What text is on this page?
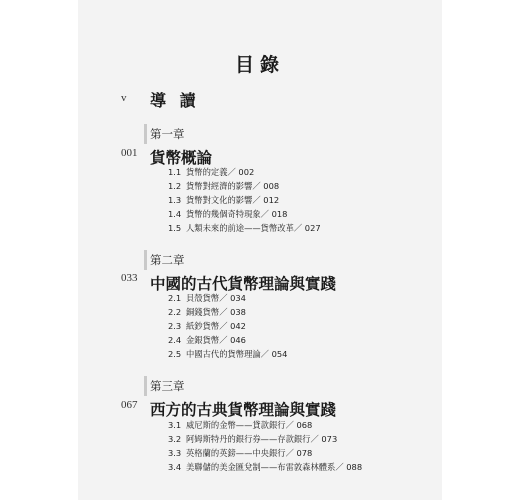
目錄
v 導 讀
001
第一章
貨幣概論
1.1 貨幣的定義／ 002
1.2 貨幣對經濟的影響／ 008
1.3 貨幣對文化的影響／ 012
1.4 貨幣的幾個奇特現象／ 018
1.5 人類未來的前途——貨幣改革／ 027
033
第二章
中國的古代貨幣理論與實踐
2.1 貝殼貨幣／ 034
2.2 銅錢貨幣／ 038
2.3 紙鈔貨幣／ 042
2.4 金銀貨幣／ 046
2.5 中國古代的貨幣理論／ 054
067
第三章
西方的古典貨幣理論與實踐
3.1 威尼斯的金幣——貸款銀行／ 068
3.2 阿姆斯特丹的銀行券——存款銀行／ 073
3.3 英格蘭的英鎊——中央銀行／ 078
3.4 美聯儲的美金匯兌制——布雷敦森林體系／ 088
